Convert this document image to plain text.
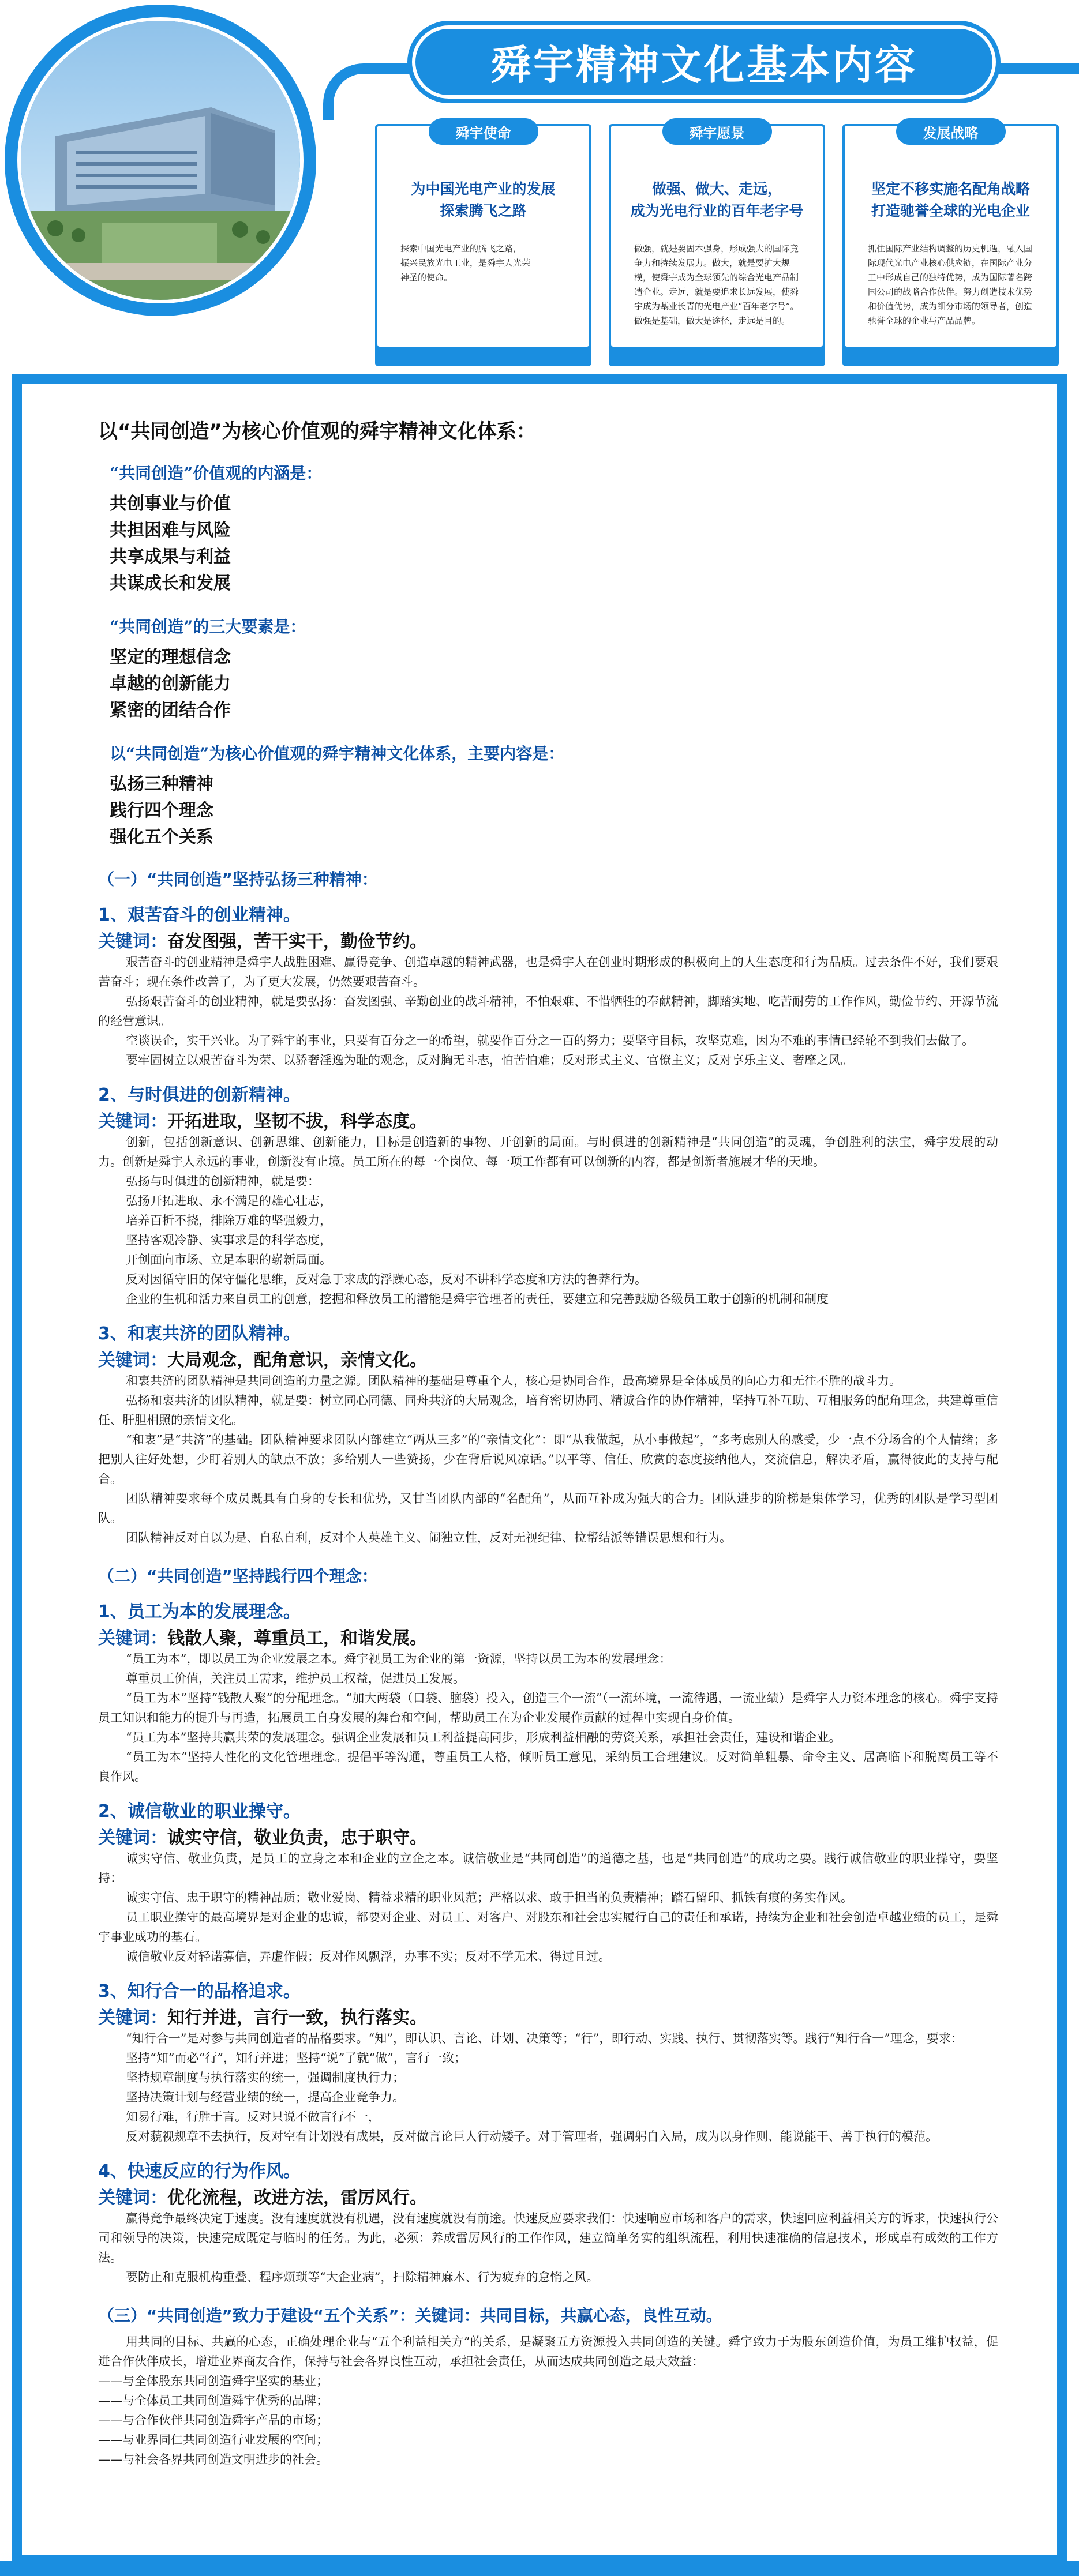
舜宇精神文化基本内容
舜宇使命
为中国光电产业的发展
探索腾飞之路
探索中国光电产业的腾飞之路，
振兴民族光电工业，是舜宇人光荣
神圣的使命。
舜宇愿景
做强、做大、走远，
成为光电行业的百年老字号
做强，就是要固本强身，形成强大的国际竞争力和持续发展力。做大，就是要扩大规模，使舜宇成为全球领先的综合光电产品制造企业。走远，就是要追求长远发展，使舜宇成为基业长青的光电产业“百年老字号”。
做强是基础，做大是途径，走远是目的。
发展战略
坚定不移实施名配角战略
打造驰誉全球的光电企业
抓住国际产业结构调整的历史机遇，融入国际现代光电产业核心供应链，在国际产业分工中形成自己的独特优势，成为国际著名跨国公司的战略合作伙伴。努力创造技术优势和价值优势，成为细分市场的领导者，创造驰誉全球的企业与产品品牌。

以“共同创造”为核心价值观的舜宇精神文化体系：

“共同创造”价值观的内涵是：

共创事业与价值

共担困难与风险

共享成果与利益

共谋成长和发展

“共同创造”的三大要素是：

坚定的理想信念

卓越的创新能力

紧密的团结合作

以“共同创造”为核心价值观的舜宇精神文化体系，主要内容是：

弘扬三种精神

践行四个理念

强化五个关系

（一）“共同创造”坚持弘扬三种精神：

1、艰苦奋斗的创业精神。

关键词：奋发图强，苦干实干，勤俭节约。

艰苦奋斗的创业精神是舜宇人战胜困难、赢得竞争、创造卓越的精神武器，也是舜宇人在创业时期形成的积极向上的人生态度和行为品质。过去条件不好，我们要艰苦奋斗；现在条件改善了，为了更大发展，仍然要艰苦奋斗。

弘扬艰苦奋斗的创业精神，就是要弘扬：奋发图强、辛勤创业的战斗精神，不怕艰难、不惜牺牲的奉献精神，脚踏实地、吃苦耐劳的工作作风，勤俭节约、开源节流的经营意识。

空谈误企，实干兴业。为了舜宇的事业，只要有百分之一的希望，就要作百分之一百的努力；要坚守目标，攻坚克难，因为不难的事情已经轮不到我们去做了。

要牢固树立以艰苦奋斗为荣、以骄奢淫逸为耻的观念，反对胸无斗志，怕苦怕难；反对形式主义、官僚主义；反对享乐主义、奢靡之风。

2、与时俱进的创新精神。

关键词：开拓进取，坚韧不拔，科学态度。

创新，包括创新意识、创新思维、创新能力，目标是创造新的事物、开创新的局面。与时俱进的创新精神是“共同创造”的灵魂，争创胜利的法宝，舜宇发展的动力。创新是舜宇人永远的事业，创新没有止境。员工所在的每一个岗位、每一项工作都有可以创新的内容，都是创新者施展才华的天地。

弘扬与时俱进的创新精神，就是要：

弘扬开拓进取、永不满足的雄心壮志，

培养百折不挠，排除万难的坚强毅力，

坚持客观冷静、实事求是的科学态度，

开创面向市场、立足本职的崭新局面。

反对因循守旧的保守僵化思维，反对急于求成的浮躁心态，反对不讲科学态度和方法的鲁莽行为。

企业的生机和活力来自员工的创意，挖掘和释放员工的潜能是舜宇管理者的责任，要建立和完善鼓励各级员工敢于创新的机制和制度

3、和衷共济的团队精神。

关键词：大局观念，配角意识，亲情文化。

和衷共济的团队精神是共同创造的力量之源。团队精神的基础是尊重个人，核心是协同合作，最高境界是全体成员的向心力和无往不胜的战斗力。

弘扬和衷共济的团队精神，就是要：树立同心同德、同舟共济的大局观念，培育密切协同、精诚合作的协作精神，坚持互补互助、互相服务的配角理念，共建尊重信任、肝胆相照的亲情文化。

“和衷”是“共济”的基础。团队精神要求团队内部建立“两从三多”的“亲情文化”：即“从我做起，从小事做起”，“多考虑别人的感受，少一点不分场合的个人情绪；多把别人往好处想，少盯着别人的缺点不放；多给别人一些赞扬，少在背后说风凉话。”以平等、信任、欣赏的态度接纳他人，交流信息，解决矛盾，赢得彼此的支持与配合。

团队精神要求每个成员既具有自身的专长和优势，又甘当团队内部的“名配角”，从而互补成为强大的合力。团队进步的阶梯是集体学习，优秀的团队是学习型团队。

团队精神反对自以为是、自私自利，反对个人英雄主义、闹独立性，反对无视纪律、拉帮结派等错误思想和行为。

（二）“共同创造”坚持践行四个理念：

1、员工为本的发展理念。

关键词：钱散人聚，尊重员工，和谐发展。

“员工为本”，即以员工为企业发展之本。舜宇视员工为企业的第一资源，坚持以员工为本的发展理念：

尊重员工价值，关注员工需求，维护员工权益，促进员工发展。

“员工为本”坚持“钱散人聚”的分配理念。“加大两袋（口袋、脑袋）投入，创造三个一流”（一流环境，一流待遇，一流业绩）是舜宇人力资本理念的核心。舜宇支持员工知识和能力的提升与再造，拓展员工自身发展的舞台和空间，帮助员工在为企业发展作贡献的过程中实现自身价值。

“员工为本”坚持共赢共荣的发展理念。强调企业发展和员工利益提高同步，形成利益相融的劳资关系，承担社会责任，建设和谐企业。

“员工为本”坚持人性化的文化管理理念。提倡平等沟通，尊重员工人格，倾听员工意见，采纳员工合理建议。反对简单粗暴、命令主义、居高临下和脱离员工等不良作风。

2、诚信敬业的职业操守。

关键词：诚实守信，敬业负责，忠于职守。

诚实守信、敬业负责，是员工的立身之本和企业的立企之本。诚信敬业是“共同创造”的道德之基，也是“共同创造”的成功之要。践行诚信敬业的职业操守，要坚持：

诚实守信、忠于职守的精神品质；敬业爱岗、精益求精的职业风范；严格以求、敢于担当的负责精神；踏石留印、抓铁有痕的务实作风。

员工职业操守的最高境界是对企业的忠诚，都要对企业、对员工、对客户、对股东和社会忠实履行自己的责任和承诺，持续为企业和社会创造卓越业绩的员工，是舜宇事业成功的基石。

诚信敬业反对轻诺寡信，弄虚作假；反对作风飘浮，办事不实；反对不学无术、得过且过。

3、知行合一的品格追求。

关键词：知行并进，言行一致，执行落实。

“知行合一”是对参与共同创造者的品格要求。“知”，即认识、言论、计划、决策等；“行”，即行动、实践、执行、贯彻落实等。践行“知行合一”理念，要求：

坚持“知”而必“行”，知行并进；坚持“说”了就“做”，言行一致；

坚持规章制度与执行落实的统一，强调制度执行力；

坚持决策计划与经营业绩的统一，提高企业竞争力。

知易行难，行胜于言。反对只说不做言行不一，

反对藐视规章不去执行，反对空有计划没有成果，反对做言论巨人行动矮子。对于管理者，强调躬自入局，成为以身作则、能说能干、善于执行的模范。

4、快速反应的行为作风。

关键词：优化流程，改进方法，雷厉风行。

赢得竞争最终决定于速度。没有速度就没有机遇，没有速度就没有前途。快速反应要求我们：快速响应市场和客户的需求，快速回应利益相关方的诉求，快速执行公司和领导的决策，快速完成既定与临时的任务。为此，必须：养成雷厉风行的工作作风，建立简单务实的组织流程，利用快速准确的信息技术，形成卓有成效的工作方法。

要防止和克服机构重叠、程序烦琐等“大企业病”，扫除精神麻木、行为疲弃的怠惰之风。

（三）“共同创造”致力于建设“五个关系”：关键词：共同目标，共赢心态，良性互动。

用共同的目标、共赢的心态，正确处理企业与“五个利益相关方”的关系，是凝聚五方资源投入共同创造的关键。舜宇致力于为股东创造价值，为员工维护权益，促进合作伙伴成长，增进业界商友合作，保持与社会各界良性互动，承担社会责任，从而达成共同创造之最大效益：

——与全体股东共同创造舜宇坚实的基业；

——与全体员工共同创造舜宇优秀的品牌；

——与合作伙伴共同创造舜宇产品的市场；

——与业界同仁共同创造行业发展的空间；

——与社会各界共同创造文明进步的社会。
